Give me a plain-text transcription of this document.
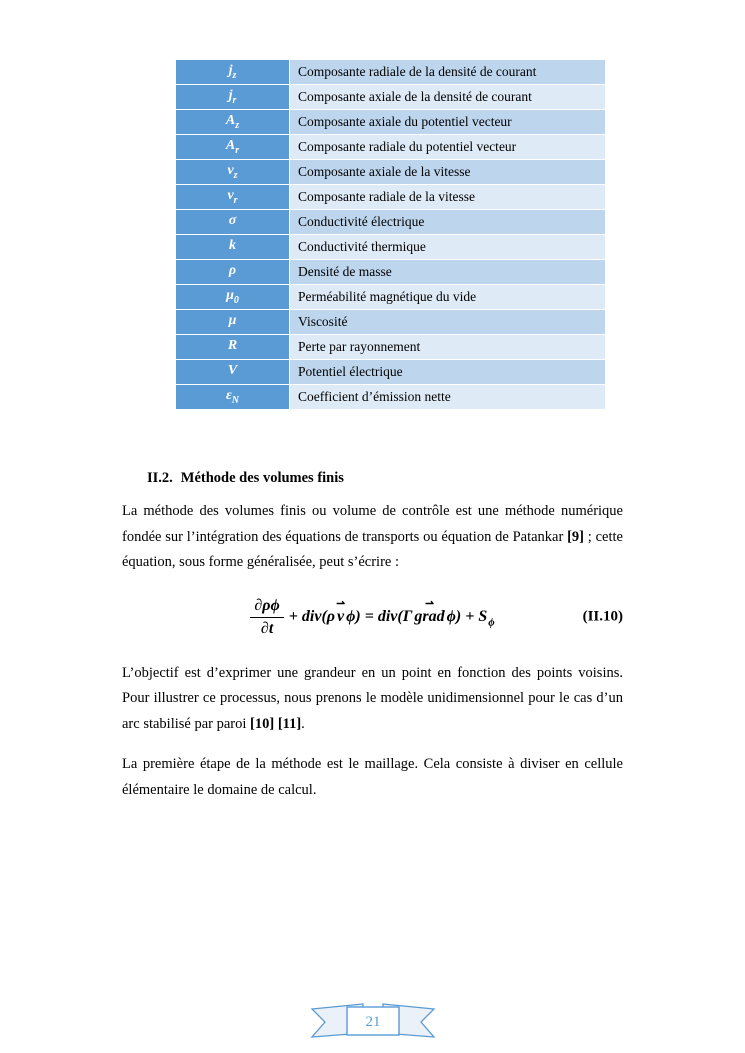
$j_z$	Composante radiale de la densité de courant
$j_r$	Composante axiale de la densité de courant
$A_z$	Composante axiale du potentiel vecteur
$A_r$	Composante radiale du potentiel vecteur
$v_z$	Composante axiale de la vitesse
$v_r$	Composante radiale de la vitesse
σ	Conductivité électrique
k	Conductivité thermique
ρ	Densité de masse
$\mu_0$	Perméabilité magnétique du vide
μ	Viscosité
R	Perte par rayonnement
V	Potentiel électrique
$\varepsilon_N$	Coefficient d’émission nette
II.2. Méthode des volumes finis

La méthode des volumes finis ou volume de contrôle est une méthode numérique fondée sur l’intégration des équations de transports ou équation de Patankar [9] ; cette équation, sous forme généralisée, peut s’écrire :

$\frac{\partial\rho\phi}{\partial t} + div(\rho$ v ⇀ ϕ) = div(Γ grad ⇀ $\phi) + S_\phi$	(II.10)

L’objectif est d’exprimer une grandeur en un point en fonction des points voisins. Pour illustrer ce processus, nous prenons le modèle unidimensionnel pour le cas d’un arc stabilisé par paroi [10] [11].

La première étape de la méthode est le maillage. Cela consiste à diviser en cellule élémentaire le domaine de calcul.

21
